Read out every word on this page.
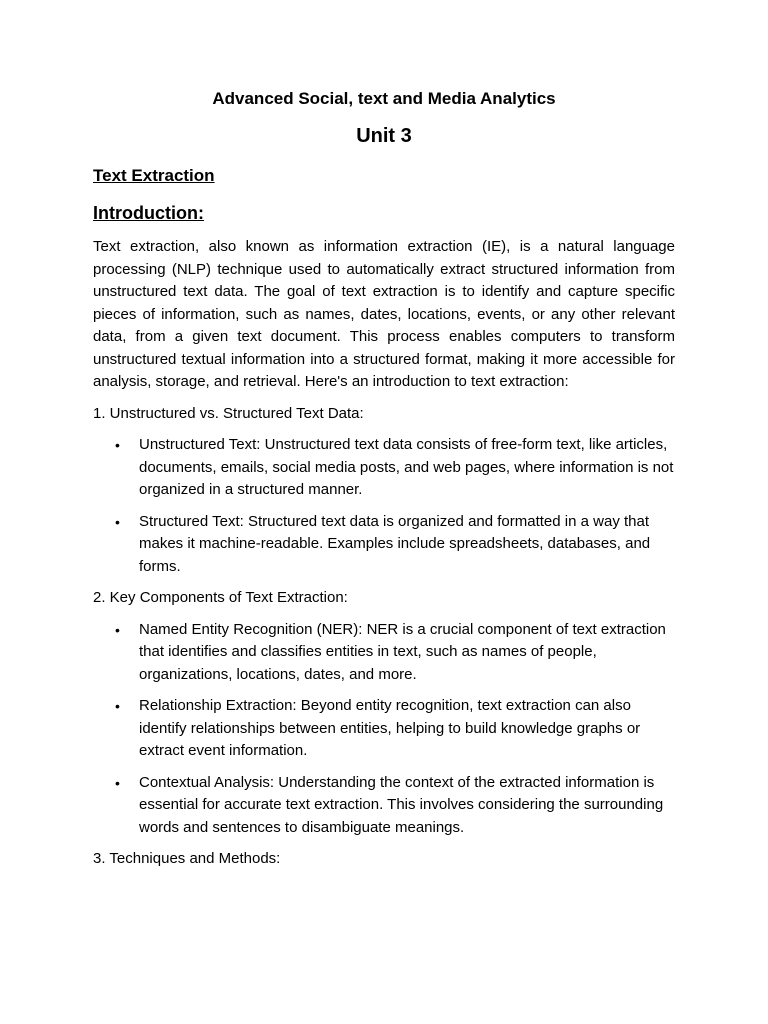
Advanced Social, text and Media Analytics
Unit 3
Text Extraction
Introduction:

Text extraction, also known as information extraction (IE), is a natural language processing (NLP) technique used to automatically extract structured information from unstructured text data. The goal of text extraction is to identify and capture specific pieces of information, such as names, dates, locations, events, or any other relevant data, from a given text document. This process enables computers to transform unstructured textual information into a structured format, making it more accessible for analysis, storage, and retrieval. Here's an introduction to text extraction:

1. Unstructured vs. Structured Text Data:

• Unstructured Text: Unstructured text data consists of free-form text, like articles, documents, emails, social media posts, and web pages, where information is not organized in a structured manner.
• Structured Text: Structured text data is organized and formatted in a way that makes it machine-readable. Examples include spreadsheets, databases, and forms.

2. Key Components of Text Extraction:

• Named Entity Recognition (NER): NER is a crucial component of text extraction that identifies and classifies entities in text, such as names of people, organizations, locations, dates, and more.
• Relationship Extraction: Beyond entity recognition, text extraction can also identify relationships between entities, helping to build knowledge graphs or extract event information.
• Contextual Analysis: Understanding the context of the extracted information is essential for accurate text extraction. This involves considering the surrounding words and sentences to disambiguate meanings.

3. Techniques and Methods:
